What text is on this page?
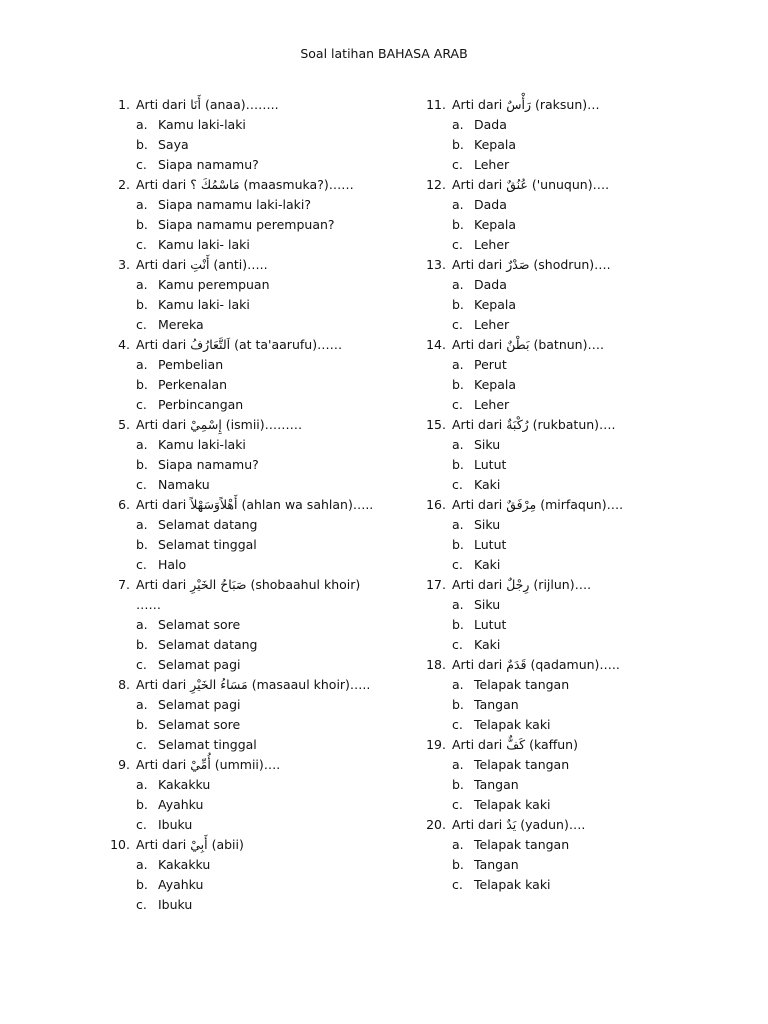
Soal latihan BAHASA ARAB
1. Arti dari أَنَا (anaa)……..
a. Kamu laki-laki
b. Saya
c. Siapa namamu?
2. Arti dari مَاسْمُكَ ؟ (maasmuka?)……
a. Siapa namamu laki-laki?
b. Siapa namamu perempuan?
c. Kamu laki- laki
3. Arti dari أَنْتِ (anti)…..
a. Kamu perempuan
b. Kamu laki- laki
c. Mereka
4. Arti dari اَلتَّعَارُفُ (at ta'aarufu)……
a. Pembelian
b. Perkenalan
c. Perbincangan
5. Arti dari إِسْمِيْ (ismii)………
a. Kamu laki-laki
b. Siapa namamu?
c. Namaku
6. Arti dari أَهْلاًوَسَهْلاً (ahlan wa sahlan)…..
a. Selamat datang
b. Selamat tinggal
c. Halo
7. Arti dari صَبَاحُ الخَيْرِ (shobaahul khoir)
……
a. Selamat sore
b. Selamat datang
c. Selamat pagi
8. Arti dari مَسَاءُ الخَيْرِ (masaaul khoir)…..
a. Selamat pagi
b. Selamat sore
c. Selamat tinggal
9. Arti dari أُمِّيْ (ummii)….
a. Kakakku
b. Ayahku
c. Ibuku
10. Arti dari أَبِيْ (abii)
a. Kakakku
b. Ayahku
c. Ibuku
11. Arti dari رَأْسٌ (raksun)…
a. Dada
b. Kepala
c. Leher
12. Arti dari عُنُقٌ ('unuqun)….
a. Dada
b. Kepala
c. Leher
13. Arti dari صَدْرٌ (shodrun)….
a. Dada
b. Kepala
c. Leher
14. Arti dari بَطْنٌ (batnun)….
a. Perut
b. Kepala
c. Leher
15. Arti dari رُكْبَةٌ (rukbatun)….
a. Siku
b. Lutut
c. Kaki
16. Arti dari مِرْفَقٌ (mirfaqun)….
a. Siku
b. Lutut
c. Kaki
17. Arti dari رِجْلٌ (rijlun)….
a. Siku
b. Lutut
c. Kaki
18. Arti dari قَدَمٌ (qadamun)…..
a. Telapak tangan
b. Tangan
c. Telapak kaki
19. Arti dari كَفٌّ (kaffun)
a. Telapak tangan
b. Tangan
c. Telapak kaki
20. Arti dari يَدٌ (yadun)….
a. Telapak tangan
b. Tangan
c. Telapak kaki
